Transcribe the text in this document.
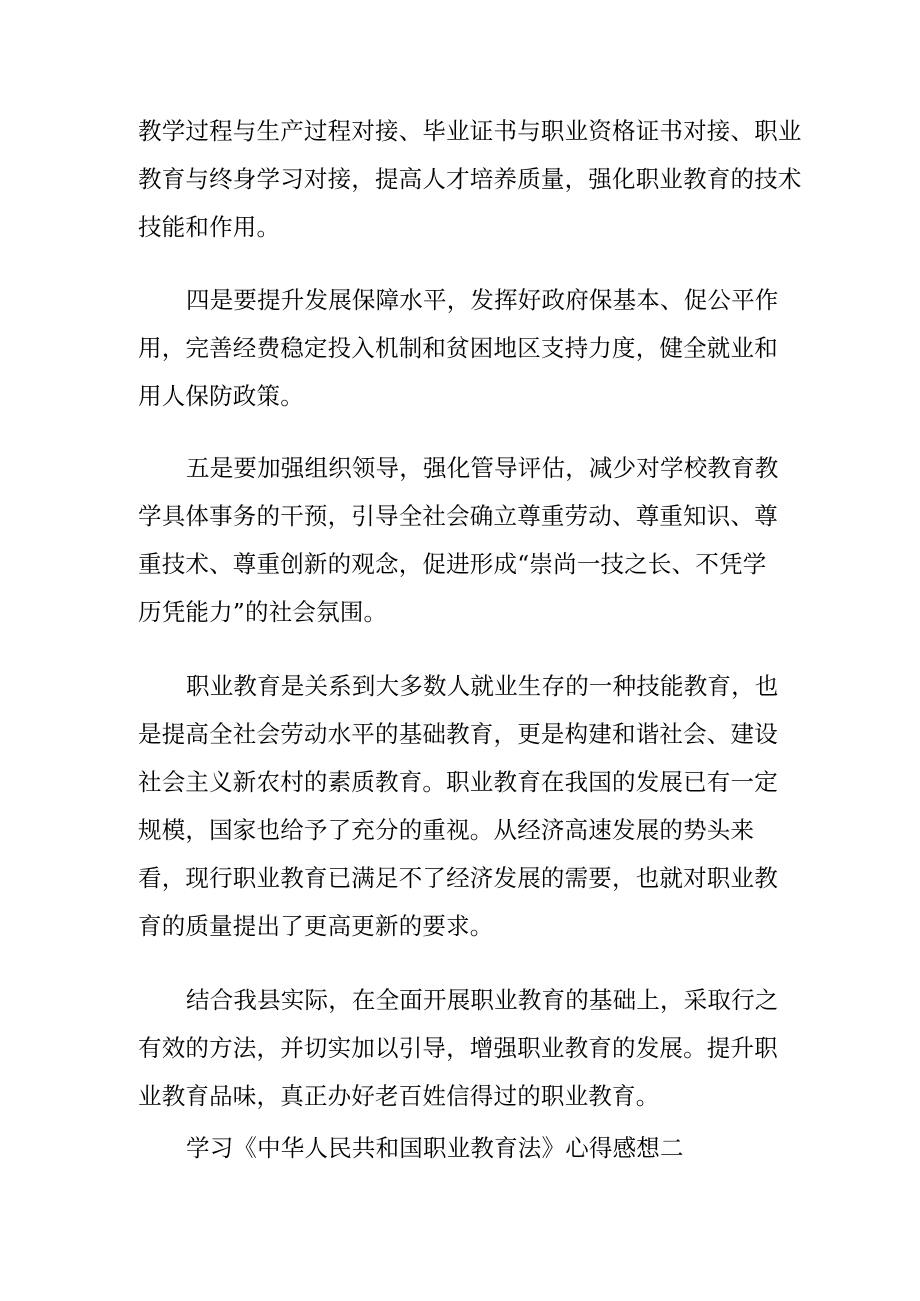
教学过程与生产过程对接、毕业证书与职业资格证书对接、职业
教育与终身学习对接，提高人才培养质量，强化职业教育的技术
技能和作用。
四是要提升发展保障水平，发挥好政府保基本、促公平作
用，完善经费稳定投入机制和贫困地区支持力度，健全就业和
用人保防政策。
五是要加强组织领导，强化管导评估，减少对学校教育教
学具体事务的干预，引导全社会确立尊重劳动、尊重知识、尊
重技术、尊重创新的观念，促进形成“崇尚一技之长、不凭学
历凭能力”的社会氛围。
职业教育是关系到大多数人就业生存的一种技能教育，也
是提高全社会劳动水平的基础教育，更是构建和谐社会、建设
社会主义新农村的素质教育。职业教育在我国的发展已有一定
规模，国家也给予了充分的重视。从经济高速发展的势头来
看，现行职业教育已满足不了经济发展的需要，也就对职业教
育的质量提出了更高更新的要求。
结合我县实际，在全面开展职业教育的基础上，采取行之
有效的方法，并切实加以引导，增强职业教育的发展。提升职
业教育品味，真正办好老百姓信得过的职业教育。
学习《中华人民共和国职业教育法》心得感想二
